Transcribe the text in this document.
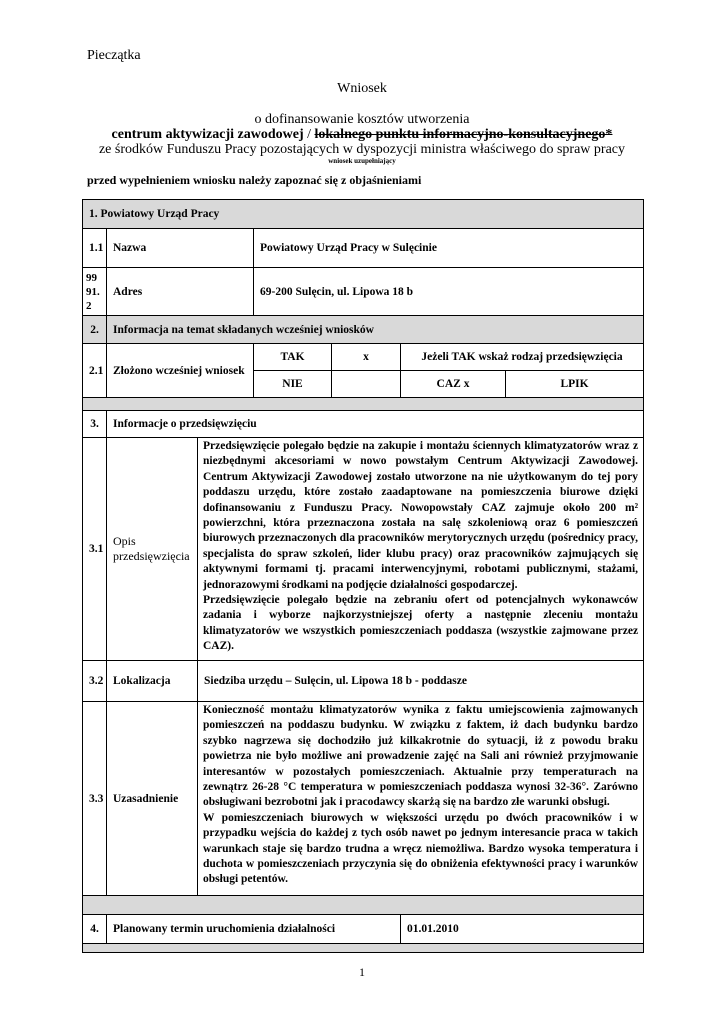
Pieczątka
Wniosek
o dofinansowanie kosztów utworzenia
centrum aktywizacji zawodowej / lokalnego punktu informacyjno-konsultacyjnego*
ze środków Funduszu Pracy pozostających w dyspozycji ministra właściwego do spraw pracy
wniosek uzupełniający
przed wypełnieniem wniosku należy zapoznać się z objaśnieniami
1. Powiatowy Urząd Pracy						
1.1	Nazwa		Powiatowy Urząd Pracy w Sulęcinie			
99 91. 2	Adres		69-200 Sulęcin, ul. Lipowa 18 b			
2.	Informacja na temat składanych wcześniej wniosków					
2.1	Złożono wcześniej wniosek		TAK	x	Jeżeli TAK wskaż rodzaj przedsięwzięcia	
			NIE		CAZ x	LPIK

3.	Informacje o przedsięwzięciu					
3.1	Opis przedsięwzięcia	Przedsięwzięcie polegało będzie na zakupie i montażu ściennych klimatyzatorów wraz z niezbędnymi akcesoriami w nowo powstałym Centrum Aktywizacji Zawodowej. Centrum Aktywizacji Zawodowej zostało utworzone na nie użytkowanym do tej pory poddaszu urzędu, które zostało zaadaptowane na pomieszczenia biurowe dzięki dofinansowaniu z Funduszu Pracy. Nowopowstały CAZ zajmuje około 200 m² powierzchni, która przeznaczona została na salę szkoleniową oraz 6 pomieszczeń biurowych przeznaczonych dla pracowników merytorycznych urzędu (pośrednicy pracy, specjalista do spraw szkoleń, lider klubu pracy) oraz pracowników zajmujących się aktywnymi formami tj. pracami interwencyjnymi, robotami publicznymi, stażami, jednorazowymi środkami na podjęcie działalności gospodarczej.
Przedsięwzięcie polegało będzie na zebraniu ofert od potencjalnych wykonawców zadania i wyborze najkorzystniejszej oferty a następnie zleceniu montażu klimatyzatorów we wszystkich pomieszczeniach poddasza (wszystkie zajmowane przez CAZ).				

3.2	Lokalizacja	Siedziba urzędu – Sulęcin, ul. Lipowa 18 b - poddasze				
3.3	Uzasadnienie	Konieczność montażu klimatyzatorów wynika z faktu umiejscowienia zajmowanych pomieszczeń na poddaszu budynku. W związku z faktem, iż dach budynku bardzo szybko nagrzewa się dochodziło już kilkakrotnie do sytuacji, iż z powodu braku powietrza nie było możliwe ani prowadzenie zajęć na Sali ani również przyjmowanie interesantów w pozostałych pomieszczeniach. Aktualnie przy temperaturach na zewnątrz 26-28 °C temperatura w pomieszczeniach poddasza wynosi 32-36°. Zarówno obsługiwani bezrobotni jak i pracodawcy skarżą się na bardzo złe warunki obsługi.
W pomieszczeniach biurowych w większości urzędu po dwóch pracowników i w przypadku wejścia do każdej z tych osób nawet po jednym interesancie praca w takich warunkach staje się bardzo trudna a wręcz niemożliwa. Bardzo wysoka temperatura i duchota w pomieszczeniach przyczynia się do obniżenia efektywności pracy i warunków obsługi petentów.				

4.	Planowany termin uruchomienia działalności				01.01.2010	

1
